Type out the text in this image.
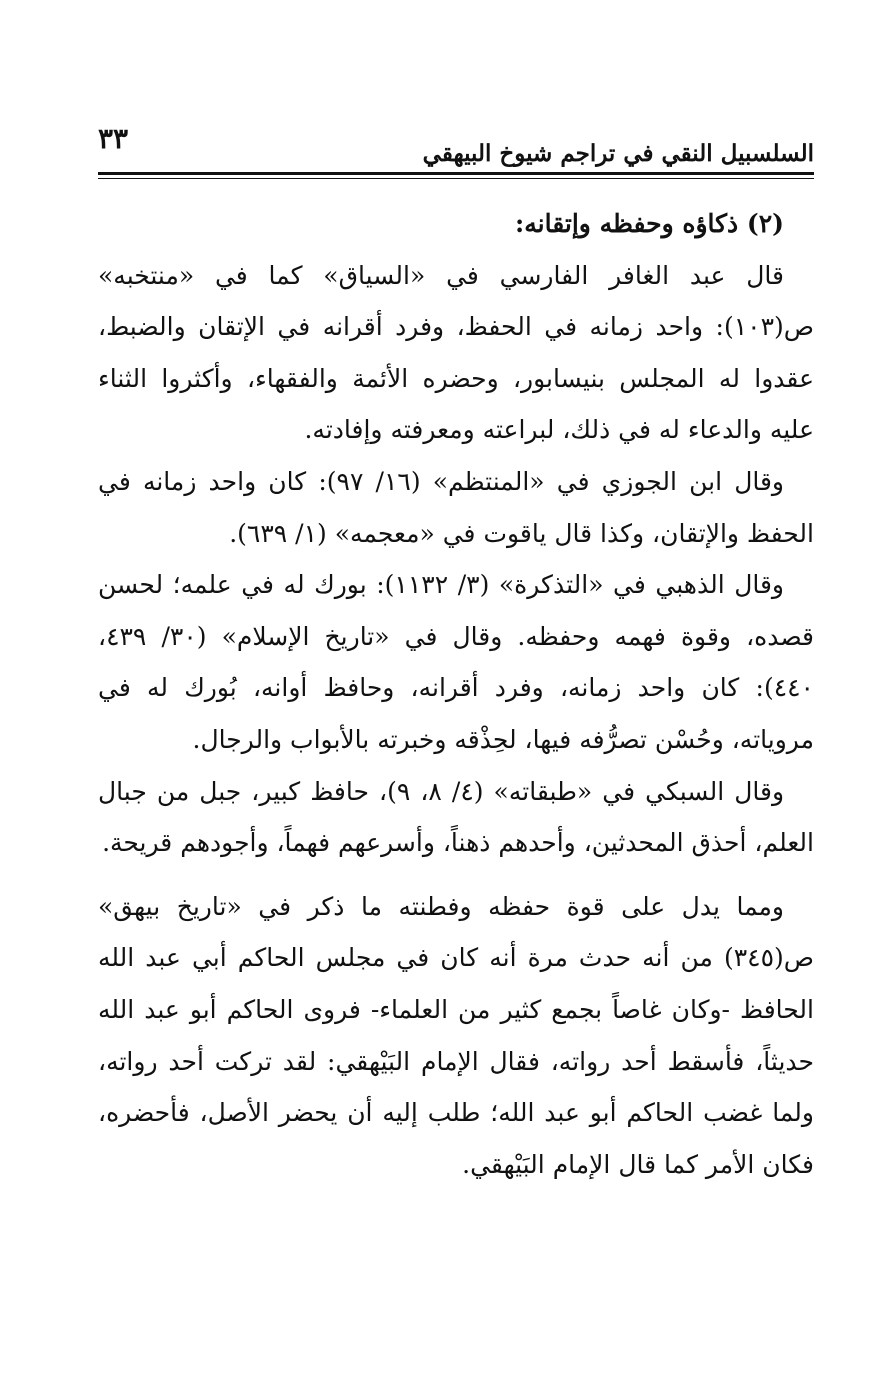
٣٣	السلسبيل النقي في تراجم شيوخ البيهقي

(٢) ذكاؤه وحفظه وإتقانه:

قال عبد الغافر الفارسي في «السياق» كما في «منتخبه» ص(١٠٣): واحد زمانه في الحفظ، وفرد أقرانه في الإتقان والضبط، عقدوا له المجلس بنيسابور، وحضره الأئمة والفقهاء، وأكثروا الثناء عليه والدعاء له في ذلك، لبراعته ومعرفته وإفادته.

وقال ابن الجوزي في «المنتظم» (١٦/ ٩٧): كان واحد زمانه في الحفظ والإتقان، وكذا قال ياقوت في «معجمه» (١/ ٦٣٩).

وقال الذهبي في «التذكرة» (٣/ ١١٣٢): بورك له في علمه؛ لحسن قصده، وقوة فهمه وحفظه. وقال في «تاريخ الإسلام» (٣٠/ ٤٣٩، ٤٤٠): كان واحد زمانه، وفرد أقرانه، وحافظ أوانه، بُورك له في مروياته، وحُسْن تصرُّفه فيها، لحِذْقه وخبرته بالأبواب والرجال.

وقال السبكي في «طبقاته» (٤/ ٨، ٩)، حافظ كبير، جبل من جبال العلم، أحذق المحدثين، وأحدهم ذهناً، وأسرعهم فهماً، وأجودهم قريحة.

ومما يدل على قوة حفظه وفطنته ما ذكر في «تاريخ بيهق» ص(٣٤٥) من أنه حدث مرة أنه كان في مجلس الحاكم أبي عبد الله الحافظ -وكان غاصاً بجمع كثير من العلماء- فروى الحاكم أبو عبد الله حديثاً، فأسقط أحد رواته، فقال الإمام البَيْهقي: لقد تركت أحد رواته، ولما غضب الحاكم أبو عبد الله؛ طلب إليه أن يحضر الأصل، فأحضره، فكان الأمر كما قال الإمام البَيْهقي.
